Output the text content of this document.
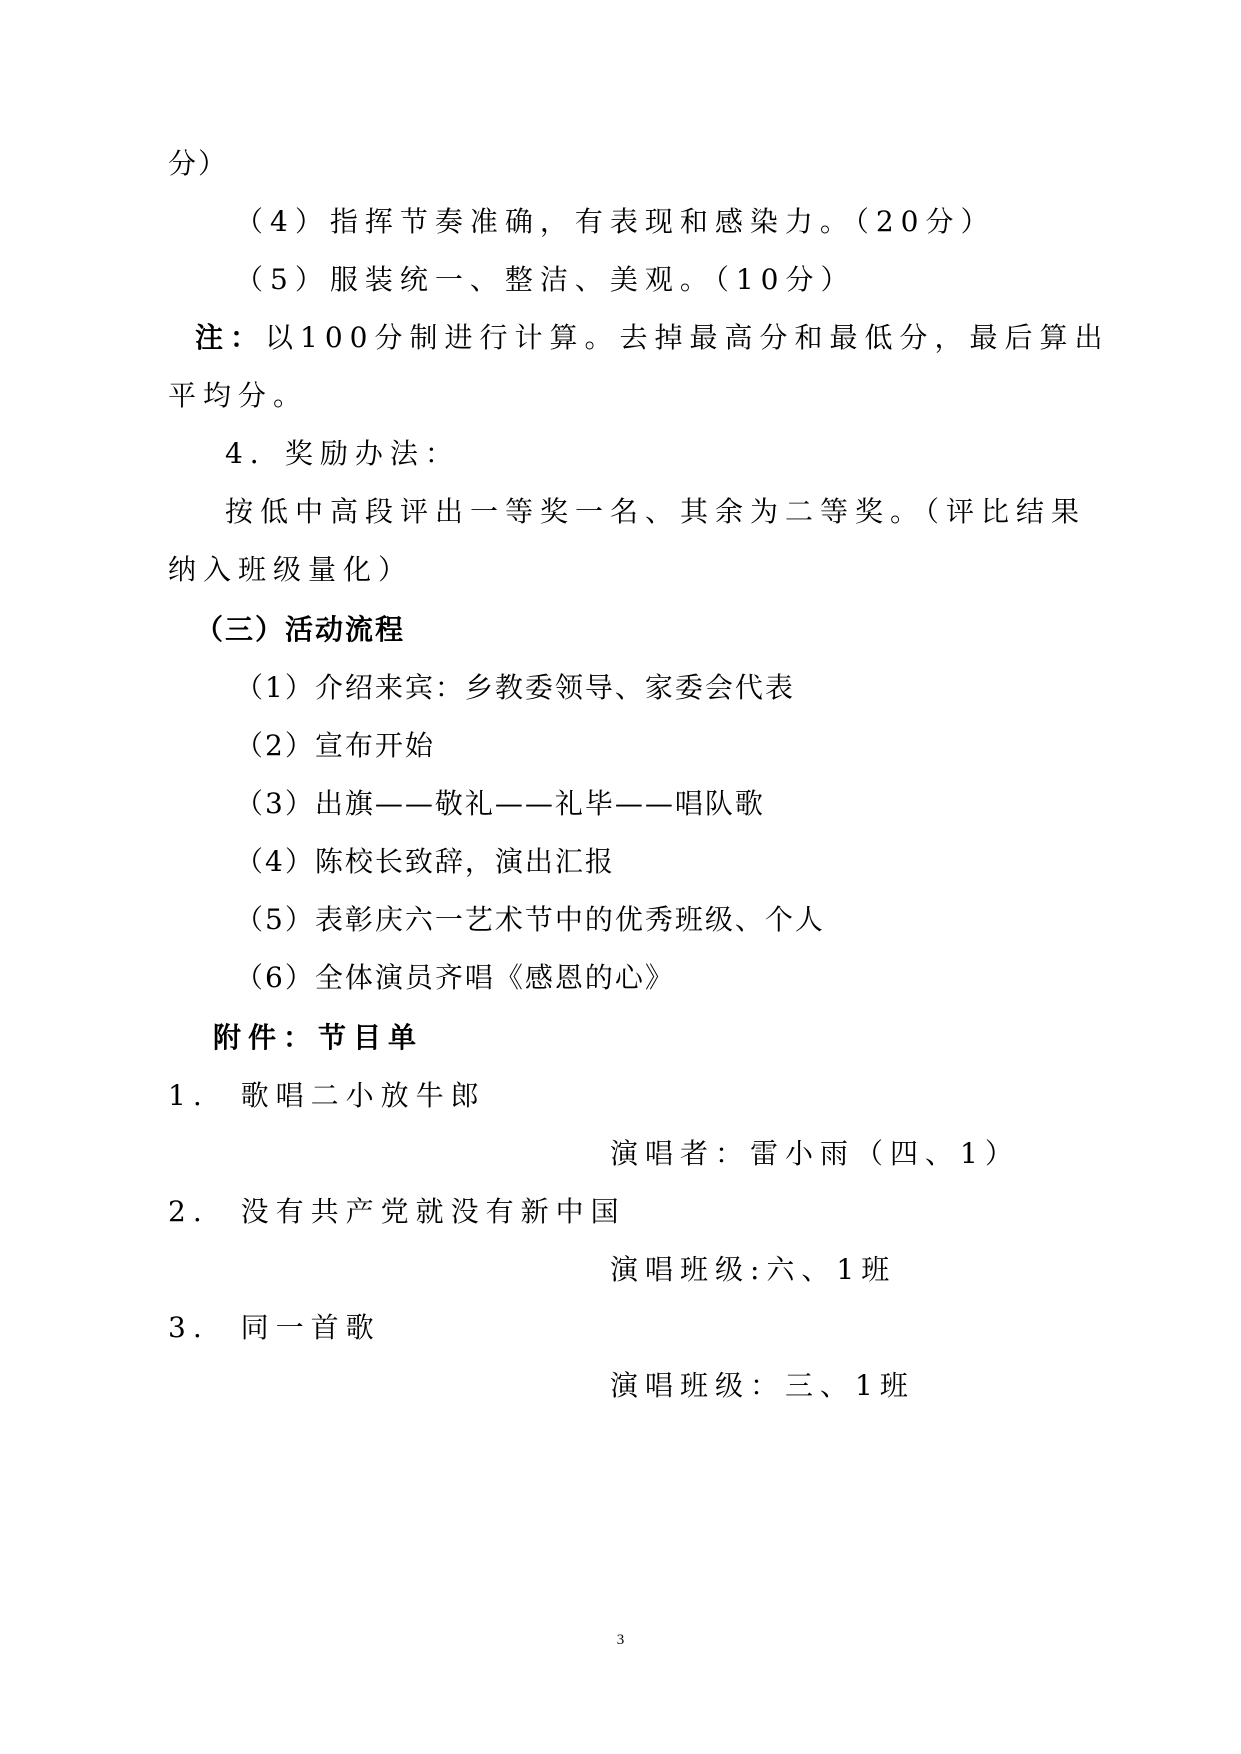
分）
（4）指挥节奏准确，有表现和感染力。（20分）
（5）服装统一、整洁、美观。（10分）
注：以100分制进行计算。去掉最高分和最低分，最后算出
平均分。
4．奖励办法：
按低中高段评出一等奖一名、其余为二等奖。（评比结果
纳入班级量化）
（三）活动流程
（1）介绍来宾：乡教委领导、家委会代表
（2）宣布开始
（3）出旗——敬礼——礼毕——唱队歌
（4）陈校长致辞，演出汇报
（5）表彰庆六一艺术节中的优秀班级、个人
（6）全体演员齐唱《感恩的心》
附件：节目单
1. 歌唱二小放牛郎
演唱者：雷小雨（四、1）
2. 没有共产党就没有新中国
演唱班级:六、1班
3. 同一首歌
演唱班级：三、1班
3
